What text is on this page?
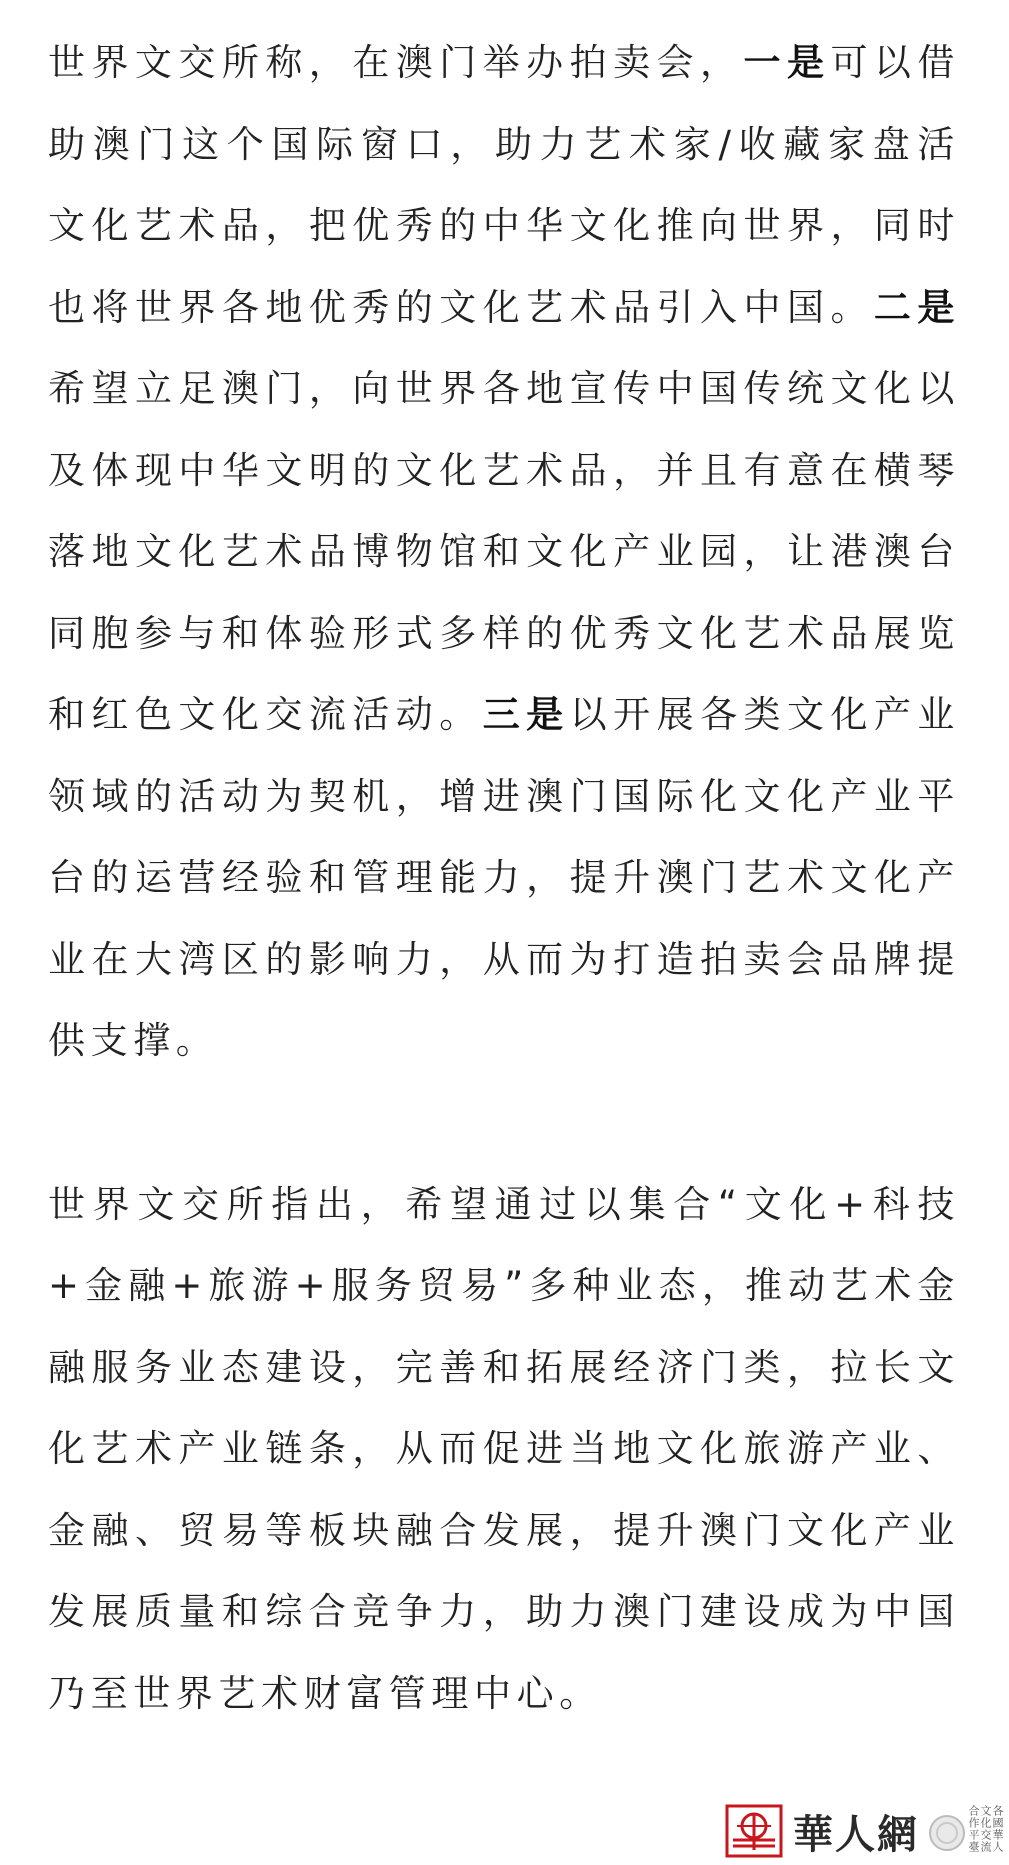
世界文交所称，在澳门举办拍卖会，一是可以借助澳门这个国际窗口，助力艺术家/收藏家盘活文化艺术品，把优秀的中华文化推向世界，同时也将世界各地优秀的文化艺术品引入中国。二是希望立足澳门，向世界各地宣传中国传统文化以及体现中华文明的文化艺术品，并且有意在横琴落地文化艺术品博物馆和文化产业园，让港澳台同胞参与和体验形式多样的优秀文化艺术品展览和红色文化交流活动。三是以开展各类文化产业领域的活动为契机，增进澳门国际化文化产业平台的运营经验和管理能力，提升澳门艺术文化产业在大湾区的影响力，从而为打造拍卖会品牌提供支撑。

世界文交所指出，希望通过以集合“文化+科技+金融+旅游+服务贸易”多种业态，推动艺术金融服务业态建设，完善和拓展经济门类，拉长文化艺术产业链条，从而促进当地文化旅游产业、金融、贸易等板块融合发展，提升澳门文化产业发展质量和综合竞争力，助力澳门建设成为中国乃至世界艺术财富管理中心。

華人網	各國華人文化交流合作平臺
